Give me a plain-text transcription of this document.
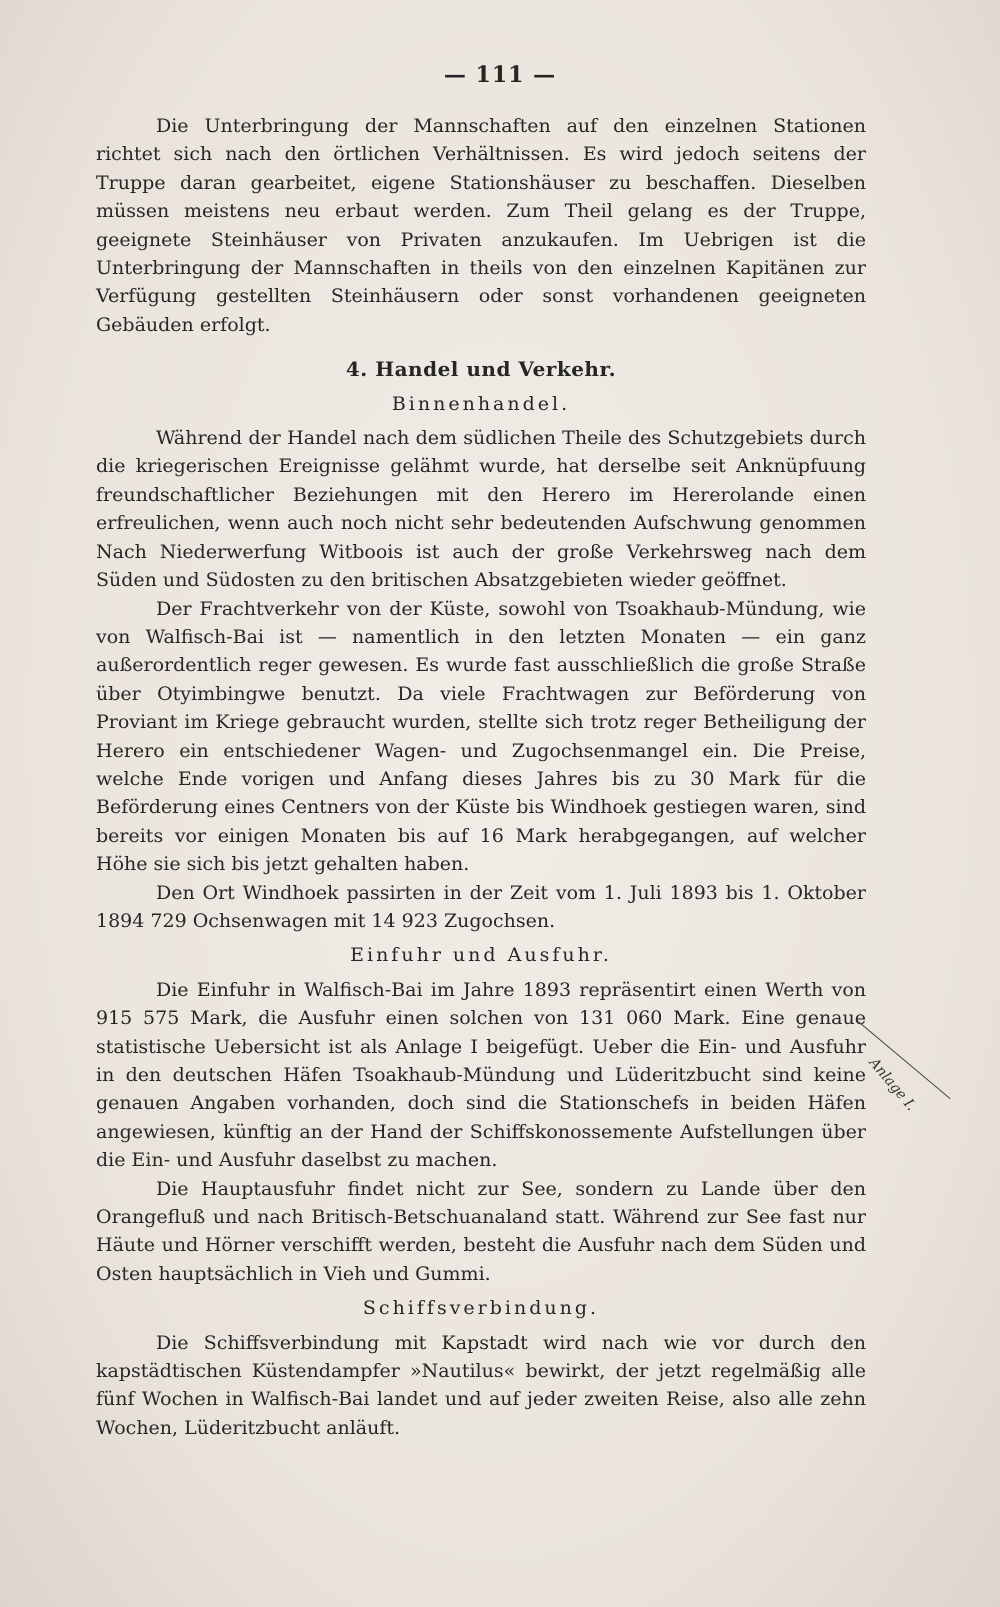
— 111 —

Die Unterbringung der Mannschaften auf den einzelnen Stationen richtet sich nach den örtlichen Verhältnissen. Es wird jedoch seitens der Truppe daran gearbeitet, eigene Stationshäuser zu beschaffen. Dieselben müssen meistens neu erbaut werden. Zum Theil gelang es der Truppe, geeignete Steinhäuser von Privaten anzukaufen. Im Uebrigen ist die Unterbringung der Mannschaften in theils von den einzelnen Kapitänen zur Verfügung gestellten Steinhäusern oder sonst vorhandenen geeigneten Gebäuden erfolgt.

4. Handel und Verkehr.
Binnenhandel.

Während der Handel nach dem südlichen Theile des Schutzgebiets durch die kriegerischen Ereignisse gelähmt wurde, hat derselbe seit Anknüpfuung freundschaftlicher Beziehungen mit den Herero im Hererolande einen erfreulichen, wenn auch noch nicht sehr bedeutenden Aufschwung genommen Nach Niederwerfung Witboois ist auch der große Verkehrsweg nach dem Süden und Südosten zu den britischen Absatzgebieten wieder geöffnet.

Der Frachtverkehr von der Küste, sowohl von Tsoakhaub-Mündung, wie von Walfisch-Bai ist — namentlich in den letzten Monaten — ein ganz außerordentlich reger gewesen. Es wurde fast ausschließlich die große Straße über Otyimbingwe benutzt. Da viele Frachtwagen zur Beförderung von Proviant im Kriege gebraucht wurden, stellte sich trotz reger Betheiligung der Herero ein entschiedener Wagen- und Zugochsenmangel ein. Die Preise, welche Ende vorigen und Anfang dieses Jahres bis zu 30 Mark für die Beförderung eines Centners von der Küste bis Windhoek gestiegen waren, sind bereits vor einigen Monaten bis auf 16 Mark herabgegangen, auf welcher Höhe sie sich bis jetzt gehalten haben.

Den Ort Windhoek passirten in der Zeit vom 1. Juli 1893 bis 1. Oktober 1894 729 Ochsenwagen mit 14 923 Zugochsen.

Einfuhr und Ausfuhr.

Die Einfuhr in Walfisch-Bai im Jahre 1893 repräsentirt einen Werth von 915 575 Mark, die Ausfuhr einen solchen von 131 060 Mark. Eine genaue statistische Uebersicht ist als Anlage I beigefügt. Ueber die Ein- und Ausfuhr in den deutschen Häfen Tsoakhaub-Mündung und Lüderitzbucht sind keine genauen Angaben vorhanden, doch sind die Stationschefs in beiden Häfen angewiesen, künftig an der Hand der Schiffskonossemente Aufstellungen über die Ein- und Ausfuhr daselbst zu machen.

Die Hauptausfuhr findet nicht zur See, sondern zu Lande über den Orangefluß und nach Britisch-Betschuanaland statt. Während zur See fast nur Häute und Hörner verschifft werden, besteht die Ausfuhr nach dem Süden und Osten hauptsächlich in Vieh und Gummi.

Schiffsverbindung.

Die Schiffsverbindung mit Kapstadt wird nach wie vor durch den kapstädtischen Küstendampfer »Nautilus« bewirkt, der jetzt regelmäßig alle fünf Wochen in Walfisch-Bai landet und auf jeder zweiten Reise, also alle zehn Wochen, Lüderitzbucht anläuft.

Anlage I.
